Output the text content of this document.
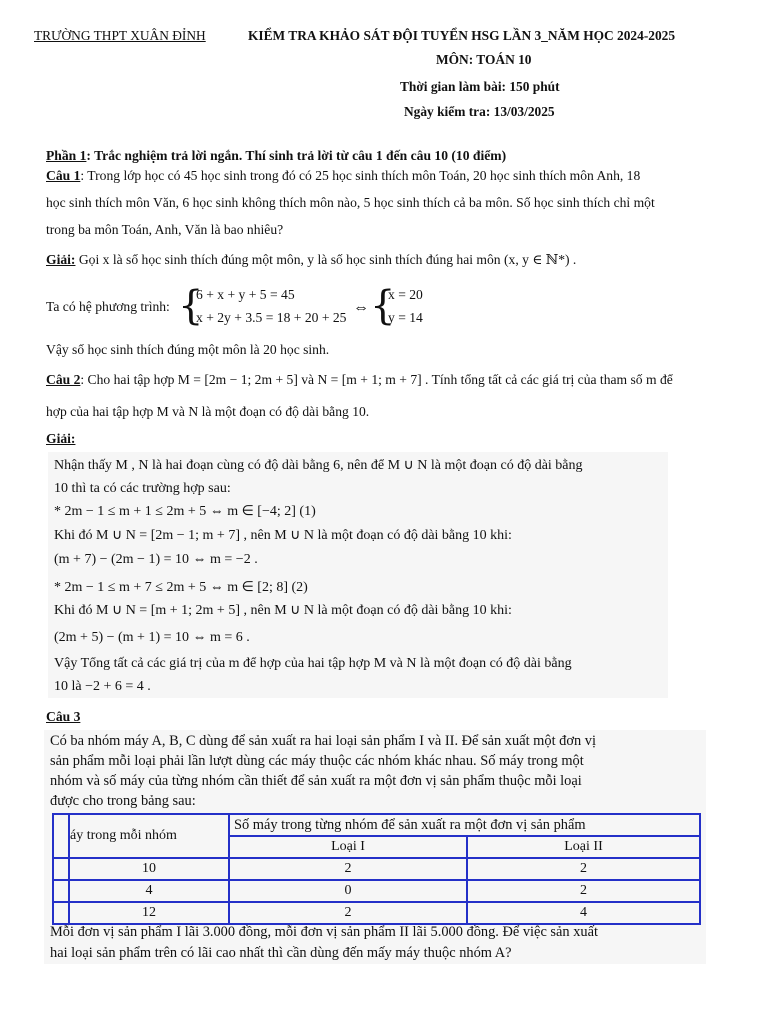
TRƯỜNG THPT XUÂN ĐỈNH	KIỂM TRA KHẢO SÁT ĐỘI TUYỂN HSG LẦN 3_NĂM HỌC 2024-2025
MÔN: TOÁN 10
Thời gian làm bài: 150 phút
Ngày kiểm tra: 13/03/2025
Phần 1: Trắc nghiệm trả lời ngắn. Thí sinh trả lời từ câu 1 đến câu 10 (10 điểm)
Câu 1: Trong lớp học có 45 học sinh trong đó có 25 học sinh thích môn Toán, 20 học sinh thích môn Anh, 18
học sinh thích môn Văn, 6 học sinh không thích môn nào, 5 học sinh thích cả ba môn. Số học sinh thích chỉ một
trong ba môn Toán, Anh, Văn là bao nhiêu?
Giải: Gọi x là số học sinh thích đúng một môn, y là số học sinh thích đúng hai môn (x, y ∈ ℕ*) .
Ta có hệ phương trình: {
6 + x + y + 5 = 45
x + 2y + 3.5 = 18 + 20 + 25
⇔ {
x = 20
y = 14
Vậy số học sinh thích đúng một môn là 20 học sinh.
Câu 2: Cho hai tập hợp M = [2m − 1; 2m + 5] và N = [m + 1; m + 7] . Tính tổng tất cả các giá trị của tham số m để
hợp của hai tập hợp M và N là một đoạn có độ dài bằng 10.
Giải:
Nhận thấy M , N là hai đoạn cùng có độ dài bằng 6, nên để M ∪ N là một đoạn có độ dài bằng
10 thì ta có các trường hợp sau:
* 2m − 1 ≤ m + 1 ≤ 2m + 5 ⇔ m ∈ [−4; 2] (1)
Khi đó M ∪ N = [2m − 1; m + 7] , nên M ∪ N là một đoạn có độ dài bằng 10 khi:
(m + 7) − (2m − 1) = 10 ⇔ m = −2 .
* 2m − 1 ≤ m + 7 ≤ 2m + 5 ⇔ m ∈ [2; 8] (2)
Khi đó M ∪ N = [m + 1; 2m + 5] , nên M ∪ N là một đoạn có độ dài bằng 10 khi:
(2m + 5) − (m + 1) = 10 ⇔ m = 6 .
Vậy Tổng tất cả các giá trị của m để hợp của hai tập hợp M và N là một đoạn có độ dài bằng
10 là −2 + 6 = 4 .
Câu 3
Có ba nhóm máy A, B, C dùng để sản xuất ra hai loại sản phẩm I và II. Để sản xuất một đơn vị
sản phẩm mỗi loại phải lần lượt dùng các máy thuộc các nhóm khác nhau. Số máy trong một
nhóm và số máy của từng nhóm cần thiết để sản xuất ra một đơn vị sản phẩm thuộc mỗi loại
được cho trong bảng sau:
	áy trong mỗi nhóm	Số máy trong từng nhóm để sản xuất ra một đơn vị sản phẩm	
		Loại I	Loại II
	10	2	2
	4	0	2
	12	2	4
Mỗi đơn vị sản phẩm I lãi 3.000 đồng, mỗi đơn vị sản phẩm II lãi 5.000 đồng. Để việc sản xuất
hai loại sản phẩm trên có lãi cao nhất thì cần dùng đến mấy máy thuộc nhóm A?
